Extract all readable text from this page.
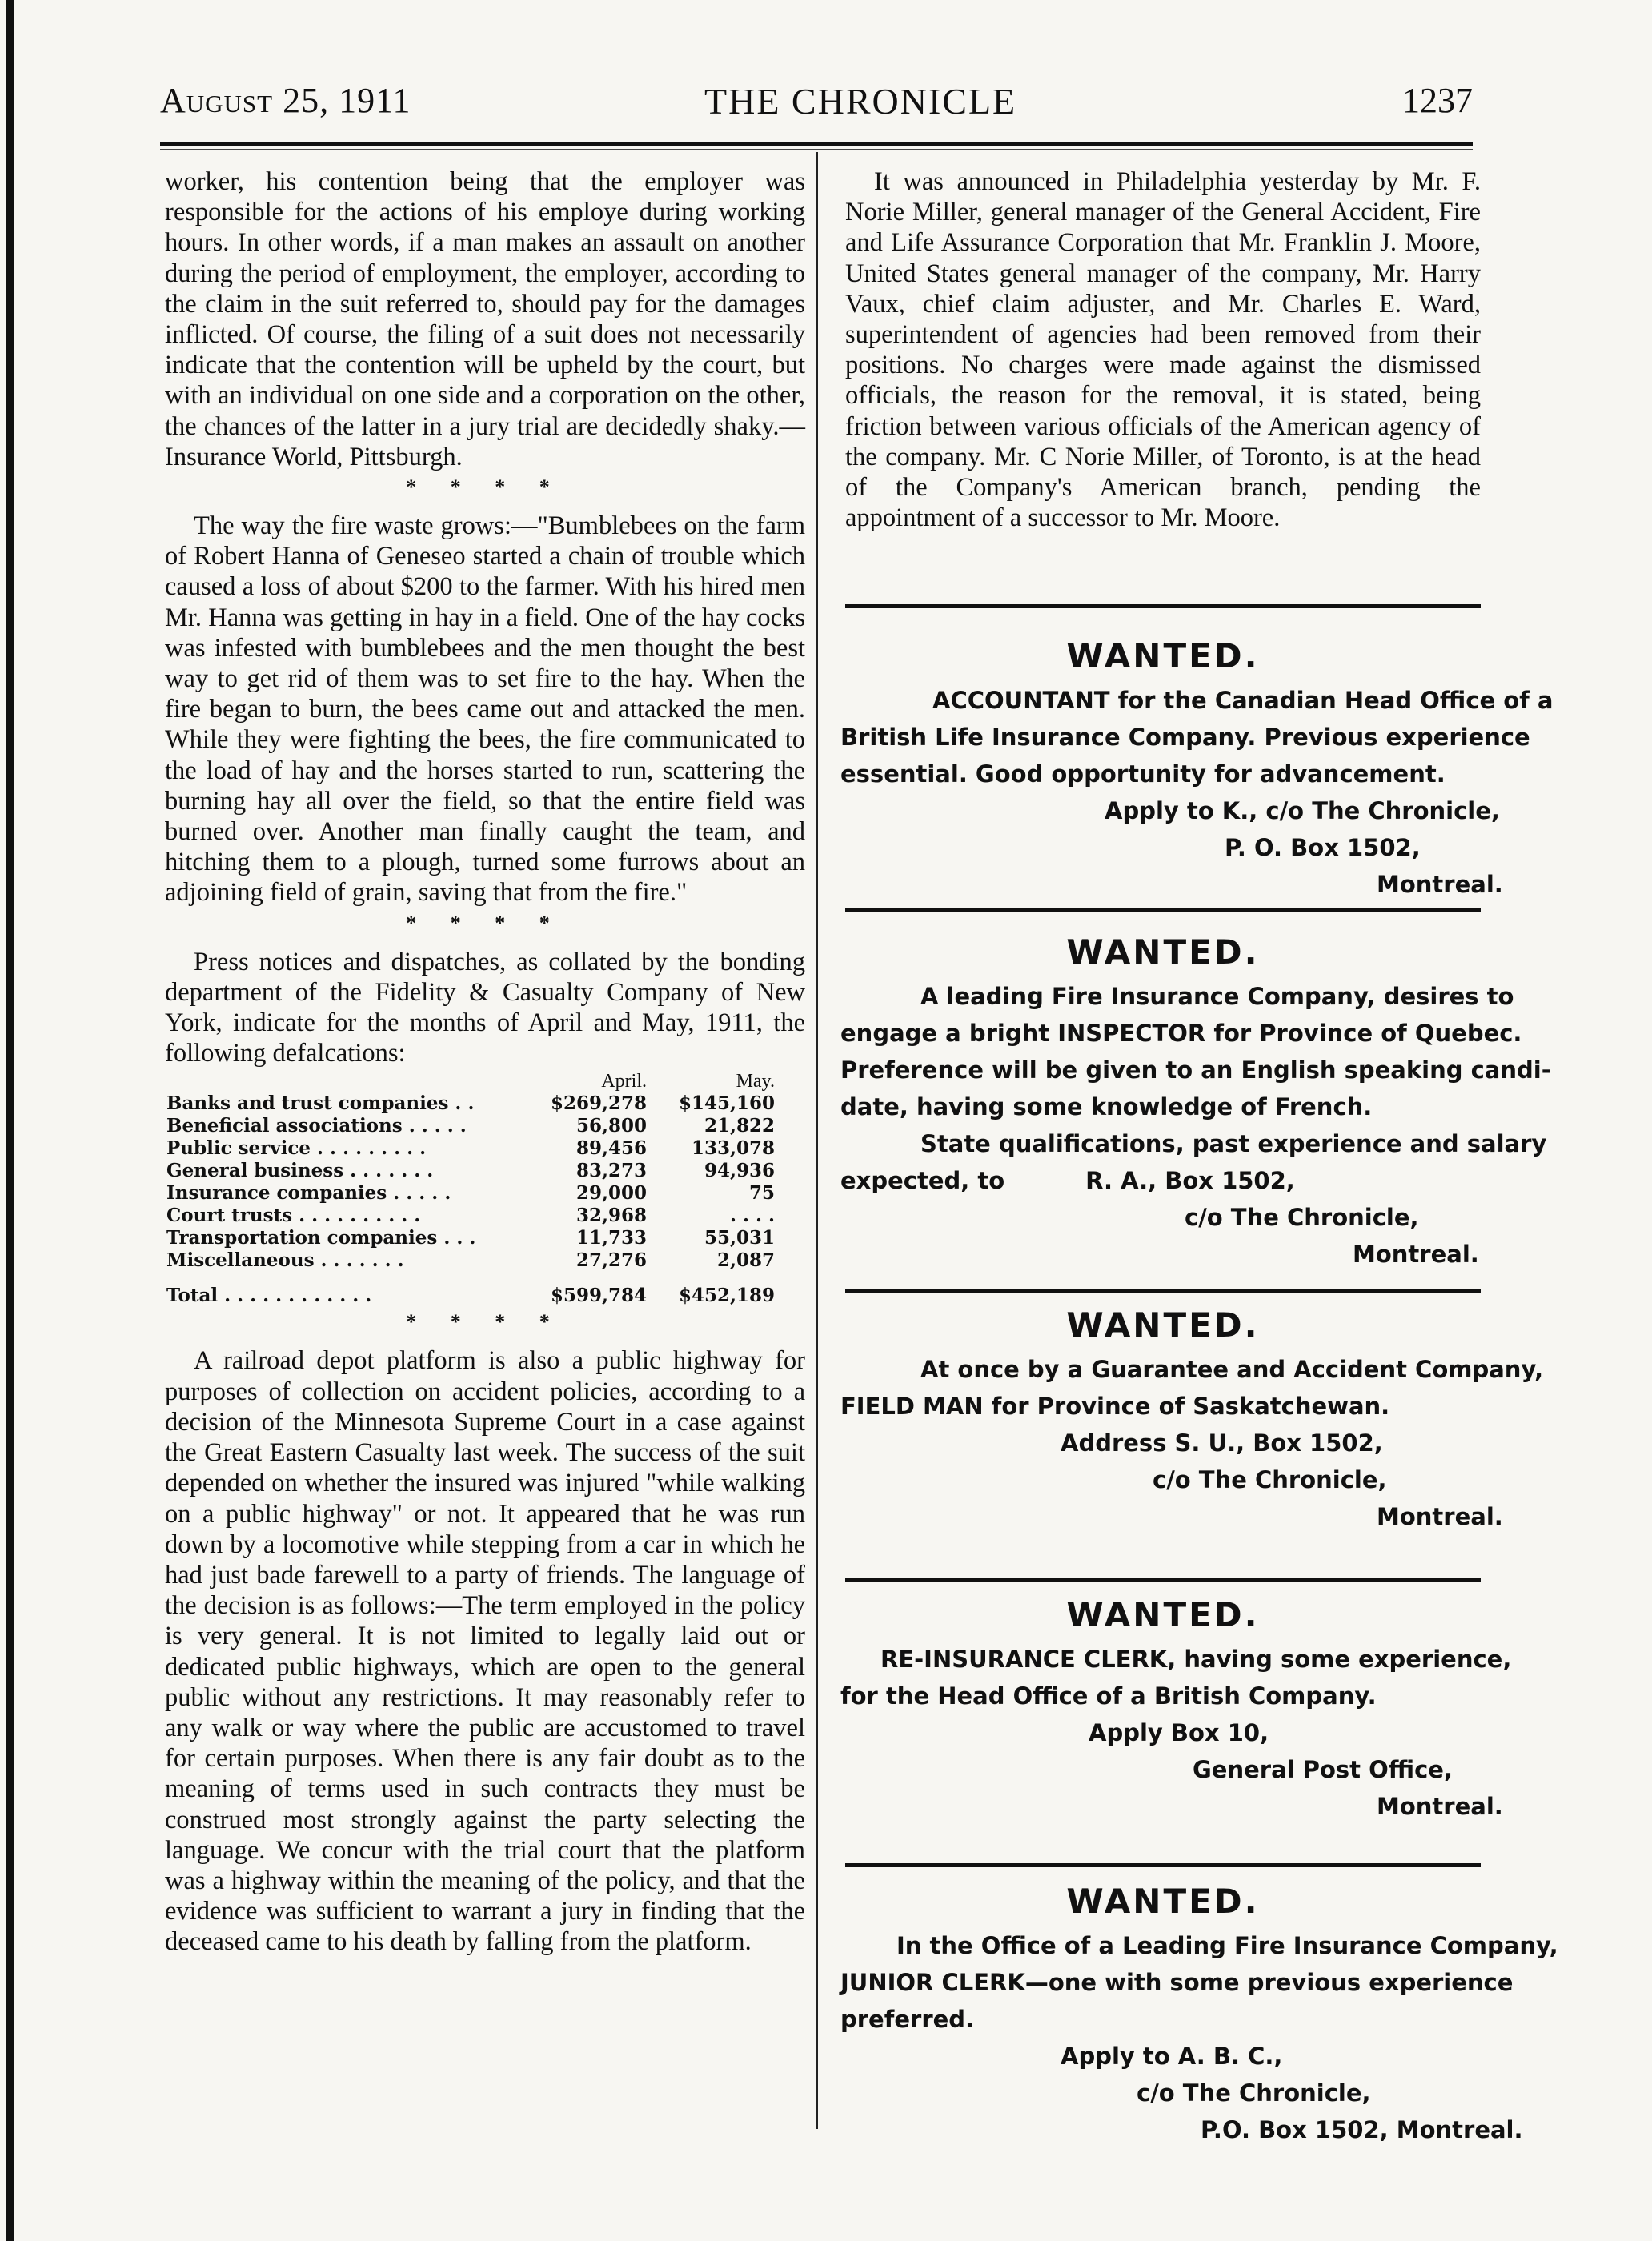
August 25, 1911	THE CHRONICLE	1237

worker, his contention being that the employer was responsible for the actions of his employe during working hours. In other words, if a man makes an assault on another during the period of employment, the employer, according to the claim in the suit referred to, should pay for the damages inflicted. Of course, the filing of a suit does not necessarily indicate that the contention will be upheld by the court, but with an individual on one side and a corporation on the other, the chances of the latter in a jury trial are decidedly shaky.—Insurance World, Pittsburgh.

* * * *

The way the fire waste grows:—"Bumblebees on the farm of Robert Hanna of Geneseo started a chain of trouble which caused a loss of about $200 to the farmer. With his hired men Mr. Hanna was getting in hay in a field. One of the hay cocks was infested with bumblebees and the men thought the best way to get rid of them was to set fire to the hay. When the fire began to burn, the bees came out and attacked the men. While they were fighting the bees, the fire communicated to the load of hay and the horses started to run, scattering the burning hay all over the field, so that the entire field was burned over. Another man finally caught the team, and hitching them to a plough, turned some furrows about an adjoining field of grain, saving that from the fire."

* * * *

Press notices and dispatches, as collated by the bonding department of the Fidelity & Casualty Company of New York, indicate for the months of April and May, 1911, the following defalcations:

	April.	May.
Banks and trust companies . .	$269,278	$145,160
Beneficial associations . . . . .	56,800	21,822
Public service . . . . . . . . .	89,456	133,078
General business . . . . . . .	83,273	94,936
Insurance companies . . . . .	29,000	75
Court trusts . . . . . . . . . .	32,968	. . . .
Transportation companies . . .	11,733	55,031
Miscellaneous . . . . . . .	27,276	2,087
Total . . . . . . . . . . . .	$599,784	$452,189
* * * *

A railroad depot platform is also a public highway for purposes of collection on accident policies, according to a decision of the Minnesota Supreme Court in a case against the Great Eastern Casualty last week. The success of the suit depended on whether the insured was injured "while walking on a public highway" or not. It appeared that he was run down by a locomotive while stepping from a car in which he had just bade farewell to a party of friends. The language of the decision is as follows:—The term employed in the policy is very general. It is not limited to legally laid out or dedicated public highways, which are open to the general public without any restrictions. It may reasonably refer to any walk or way where the public are accustomed to travel for certain purposes. When there is any fair doubt as to the meaning of terms used in such contracts they must be construed most strongly against the party selecting the language. We concur with the trial court that the platform was a highway within the meaning of the policy, and that the evidence was sufficient to warrant a jury in finding that the deceased came to his death by falling from the platform.

It was announced in Philadelphia yesterday by Mr. F. Norie Miller, general manager of the General Accident, Fire and Life Assurance Corporation that Mr. Franklin J. Moore, United States general manager of the company, Mr. Harry Vaux, chief claim adjuster, and Mr. Charles E. Ward, superintendent of agencies had been removed from their positions. No charges were made against the dismissed officials, the reason for the removal, it is stated, being friction between various officials of the American agency of the company. Mr. C Norie Miller, of Toronto, is at the head of the Company's American branch, pending the appointment of a successor to Mr. Moore.

WANTED.
ACCOUNTANT for the Canadian Head Office of a
British Life Insurance Company. Previous experience
essential. Good opportunity for advancement.
Apply to K., c/o The Chronicle,
P. O. Box 1502,
Montreal.
WANTED.
A leading Fire Insurance Company, desires to
engage a bright INSPECTOR for Province of Quebec.
Preference will be given to an English speaking candi-
date, having some knowledge of French.
State qualifications, past experience and salary
expected, to          R. A., Box 1502,
c/o The Chronicle,
Montreal.
WANTED.
At once by a Guarantee and Accident Company,
FIELD MAN for Province of Saskatchewan.
Address S. U., Box 1502,
c/o The Chronicle,
Montreal.
WANTED.
RE-INSURANCE CLERK, having some experience,
for the Head Office of a British Company.
Apply Box 10,
General Post Office,
Montreal.
WANTED.
In the Office of a Leading Fire Insurance Company,
JUNIOR CLERK—one with some previous experience
preferred.
Apply to A. B. C.,
c/o The Chronicle,
P.O. Box 1502, Montreal.
